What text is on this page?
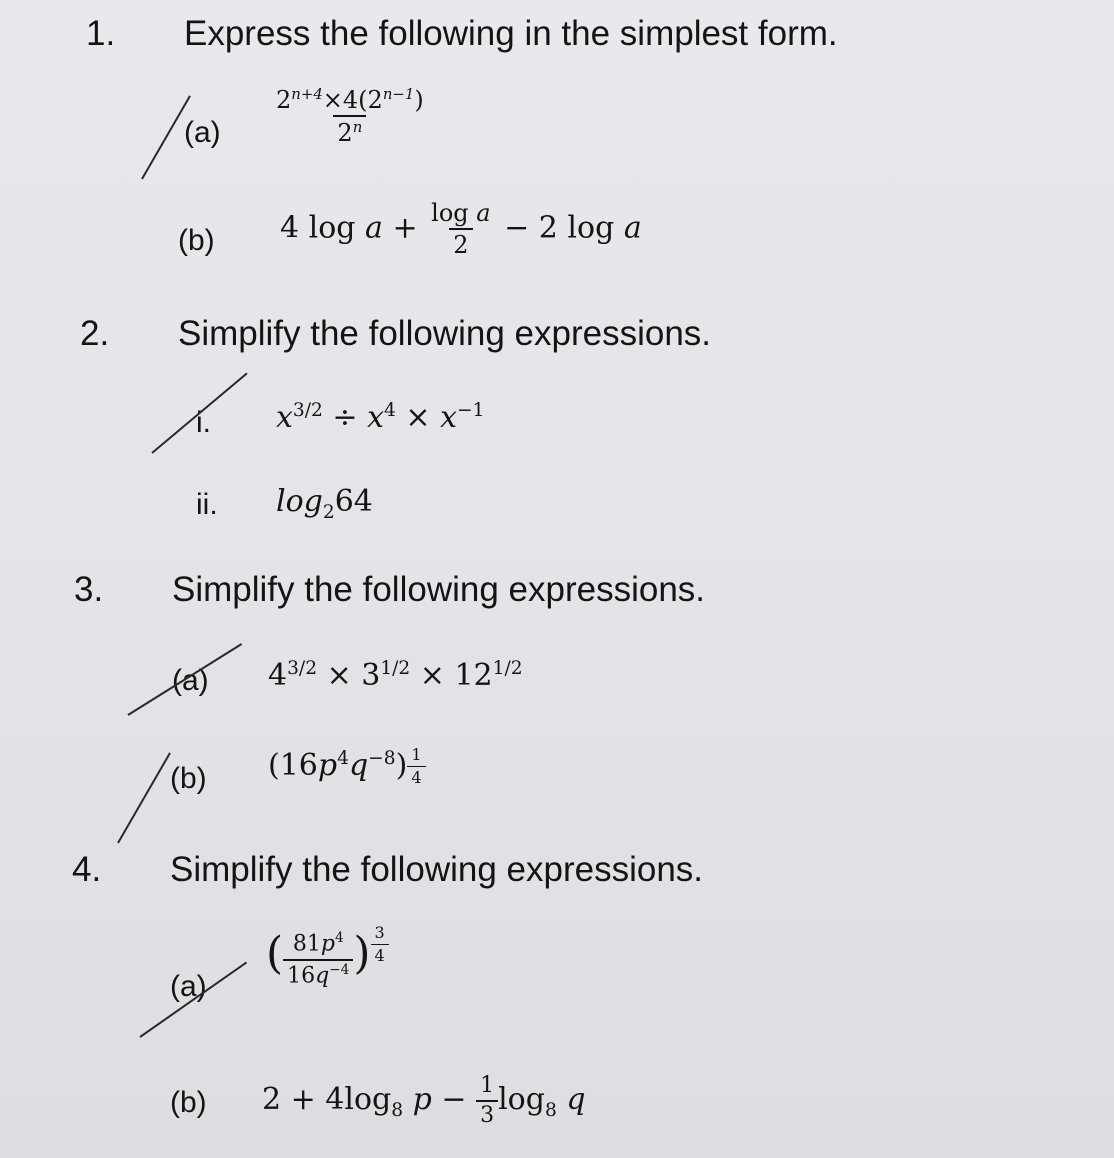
1. Express the following in the simplest form.
$(a) \frac{2^{n+4}\times 4(2^{n-1})}{2^n}$
(b) 4 $\log a + \frac{\text{log a}}{2} - 2$ log a
2. Simplify the following expressions.
i. $x^{3/2} \div x^4 \times x^{-1}$
ii. $\log_264$
3. Simplify the following expressions.
(a) $4^{3/2} \times 3^{1/2} \times 12^{1/2}$
(b) $(16p^4q^{-8}) \frac{1}{4}$
4. Simplify the following expressions.
(a)
( $\frac{81p^4}{16q^{-4}}$ ) $\frac{3}{4}$
(b) $2 + 4\log_8$ $p - \frac{1}{3} \log_8 q$
